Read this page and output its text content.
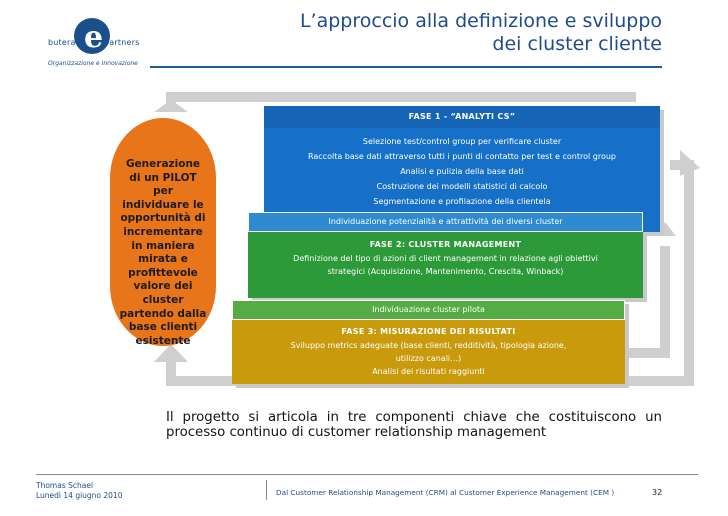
e
butera	partners
Organizzazione e Innovazione
L’approccio alla definizione e sviluppo
dei cluster cliente
Generazione
di un PILOT
per
individuare le
opportunità di
incrementare
in maniera
mirata e
profittevole
valore dei
cluster
partendo dalla
base clienti
esistente
FASE 1 - “ANALYTI CS”
Selezione test/control group per verificare cluster
Raccolta base dati attraverso tutti i punti di contatto per test e control group
Analisi e pulizia della base dati
Costruzione dei modelli statistici di calcolo
Segmentazione e profilazione della clientela
Individuazione potenzialità e attrattività dei diversi cluster
FASE 2: CLUSTER MANAGEMENT
Definizione del tipo di azioni di client management in relazione agli obiettivi
strategici (Acquisizione, Mantenimento, Crescita, Winback)
Individuazione cluster pilota
FASE 3: MISURAZIONE DEI RISULTATI
Sviluppo metrics adeguate (base clienti, redditività, tipologia azione,
utilizzo canali…)
Analisi dei risultati raggiunti
Il progetto si articola in tre componenti chiave che costituiscono un processo continuo di customer relationship management
Thomas Schael
Lunedì 14 giugno 2010	Dal Customer Relationship Management (CRM) al Customer Experience Management (CEM )	32
